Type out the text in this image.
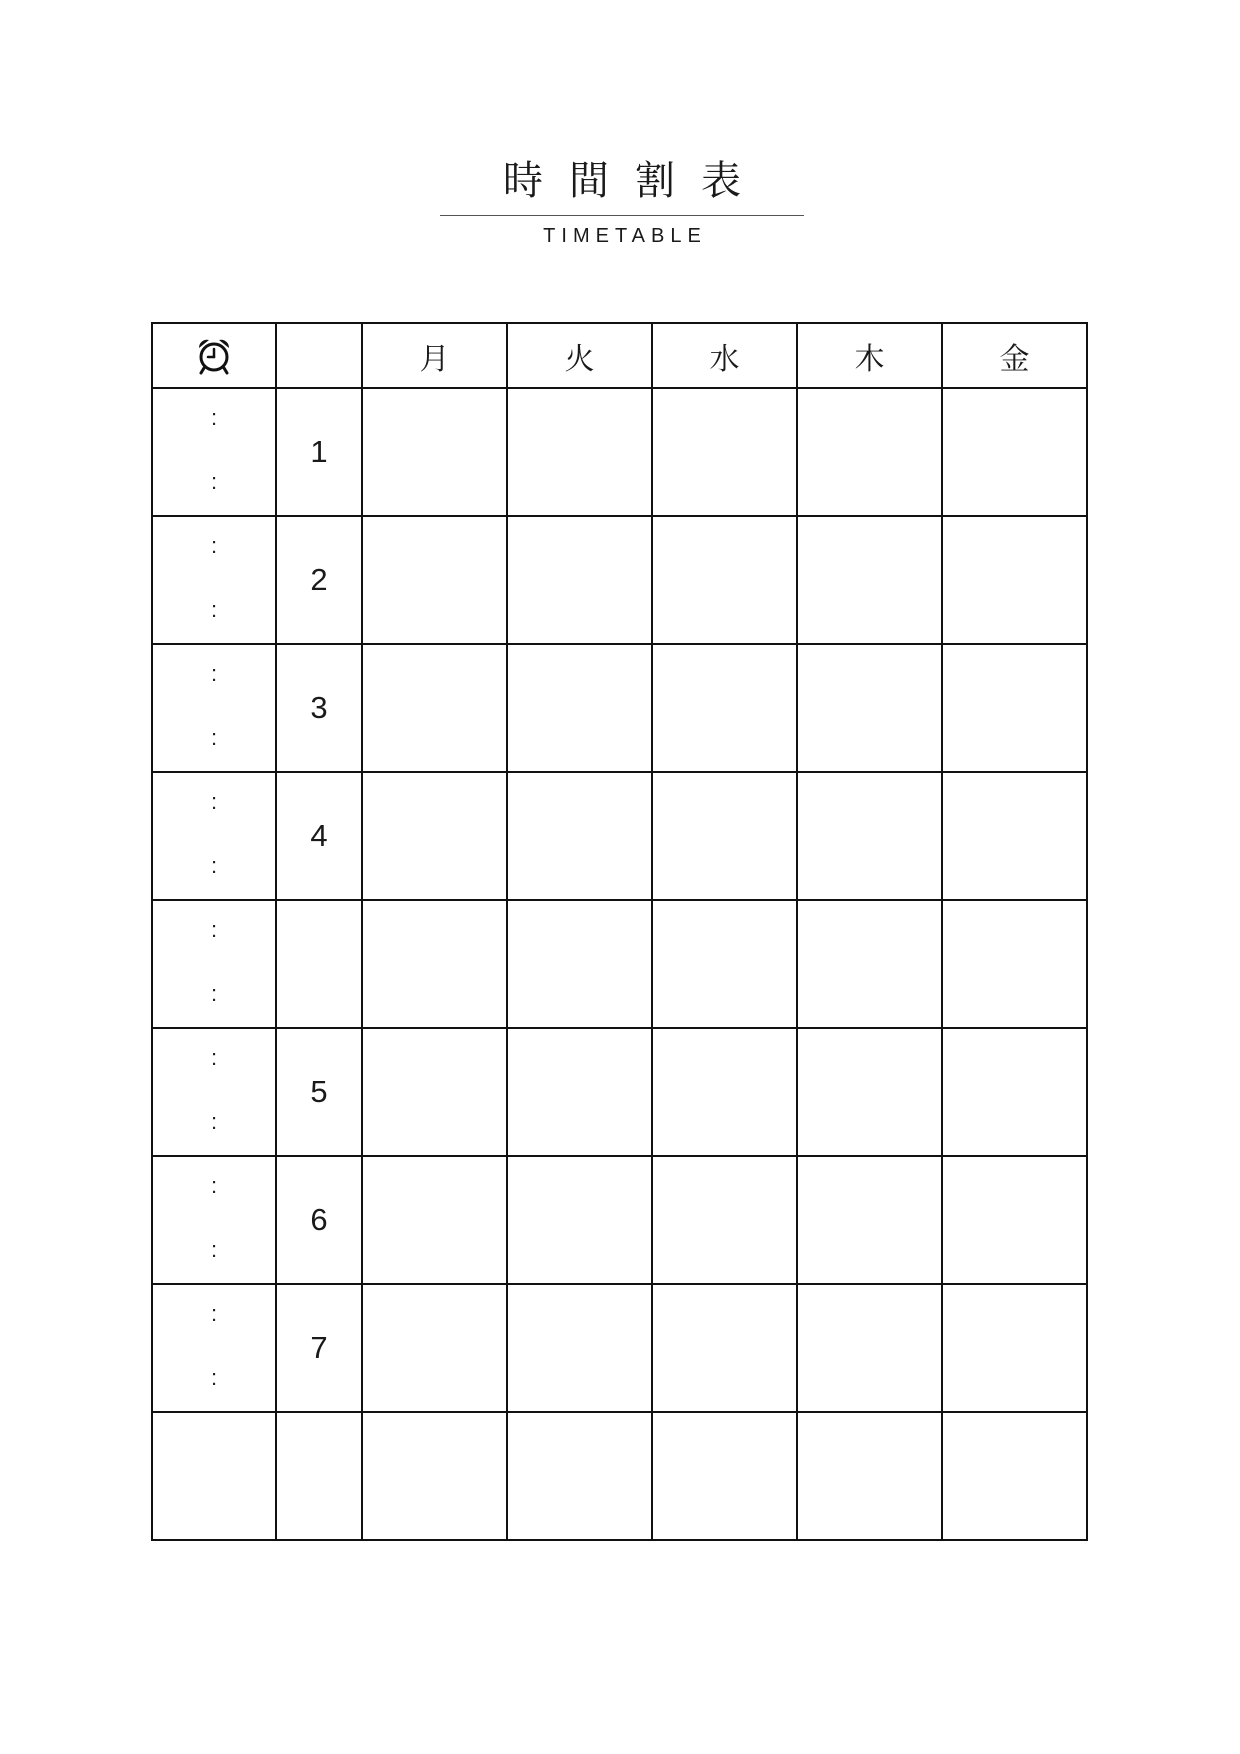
時間割表
TIMETABLE
		月	火	水	木	金

:
:	1					

:
:	2					

:
:	3					

:
:	4					

:
:						

:
:	5					

:
:	6					

:
:	7					
